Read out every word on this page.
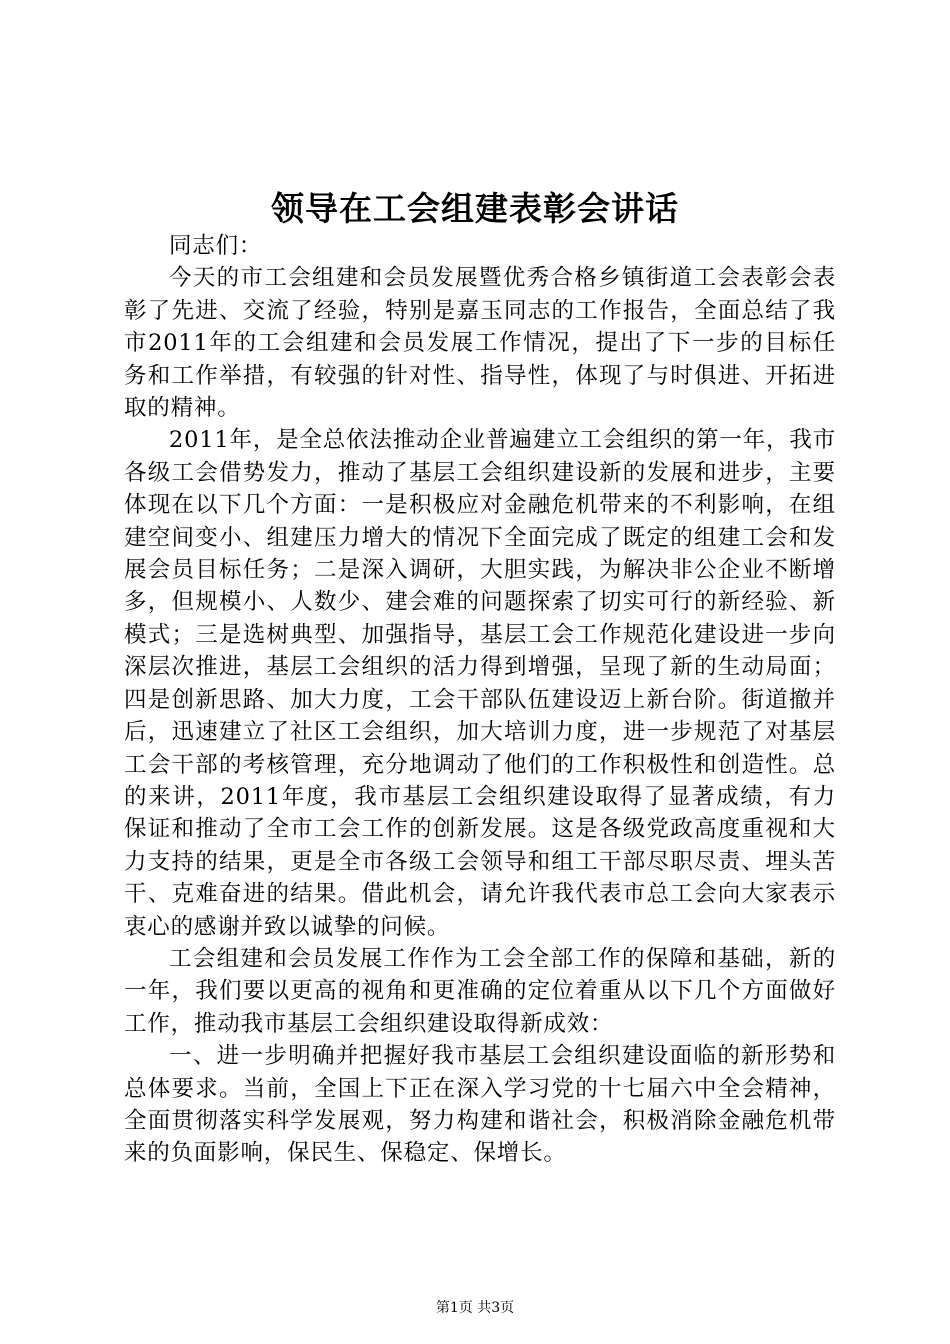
领导在工会组建表彰会讲话

同志们：

今天的市工会组建和会员发展暨优秀合格乡镇街道工会表彰会表彰了先进、交流了经验，特别是嘉玉同志的工作报告，全面总结了我市2011年的工会组建和会员发展工作情况，提出了下一步的目标任务和工作举措，有较强的针对性、指导性，体现了与时俱进、开拓进取的精神。

2011年，是全总依法推动企业普遍建立工会组织的第一年，我市各级工会借势发力，推动了基层工会组织建设新的发展和进步，主要体现在以下几个方面：一是积极应对金融危机带来的不利影响，在组建空间变小、组建压力增大的情况下全面完成了既定的组建工会和发展会员目标任务；二是深入调研，大胆实践，为解决非公企业不断增多，但规模小、人数少、建会难的问题探索了切实可行的新经验、新模式；三是选树典型、加强指导，基层工会工作规范化建设进一步向深层次推进，基层工会组织的活力得到增强，呈现了新的生动局面；四是创新思路、加大力度，工会干部队伍建设迈上新台阶。街道撤并后，迅速建立了社区工会组织，加大培训力度，进一步规范了对基层工会干部的考核管理，充分地调动了他们的工作积极性和创造性。总的来讲，2011年度，我市基层工会组织建设取得了显著成绩，有力保证和推动了全市工会工作的创新发展。这是各级党政高度重视和大力支持的结果，更是全市各级工会领导和组工干部尽职尽责、埋头苦干、克难奋进的结果。借此机会，请允许我代表市总工会向大家表示衷心的感谢并致以诚挚的问候。

工会组建和会员发展工作作为工会全部工作的保障和基础，新的一年，我们要以更高的视角和更准确的定位着重从以下几个方面做好工作，推动我市基层工会组织建设取得新成效：

一、进一步明确并把握好我市基层工会组织建设面临的新形势和总体要求。当前，全国上下正在深入学习党的十七届六中全会精神，全面贯彻落实科学发展观，努力构建和谐社会，积极消除金融危机带来的负面影响，保民生、保稳定、保增长。

第1页 共3页
